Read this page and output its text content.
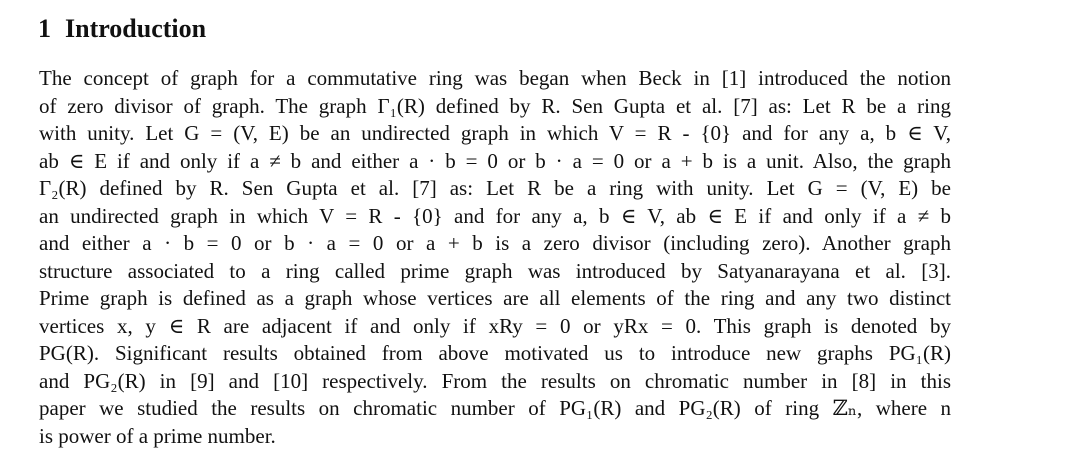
1 Introduction
The concept of graph for a commutative ring was began when Beck in [1] introduced the notion
of zero divisor of graph. The graph Γ₁(R) defined by R. Sen Gupta et al. [7] as: Let R be a ring
with unity. Let G = (V, E) be an undirected graph in which V = R - {0} and for any a, b ∈ V,
ab ∈ E if and only if a ≠ b and either a · b = 0 or b · a = 0 or a + b is a unit. Also, the graph
Γ₂(R) defined by R. Sen Gupta et al. [7] as: Let R be a ring with unity. Let G = (V, E) be
an undirected graph in which V = R - {0} and for any a, b ∈ V, ab ∈ E if and only if a ≠ b
and either a · b = 0 or b · a = 0 or a + b is a zero divisor (including zero). Another graph
structure associated to a ring called prime graph was introduced by Satyanarayana et al. [3].
Prime graph is defined as a graph whose vertices are all elements of the ring and any two distinct
vertices x, y ∈ R are adjacent if and only if xRy = 0 or yRx = 0. This graph is denoted by
PG(R). Significant results obtained from above motivated us to introduce new graphs PG₁(R)
and PG₂(R) in [9] and [10] respectively. From the results on chromatic number in [8] in this
paper we studied the results on chromatic number of PG₁(R) and PG₂(R) of ring ℤₙ, where n
is power of a prime number.
